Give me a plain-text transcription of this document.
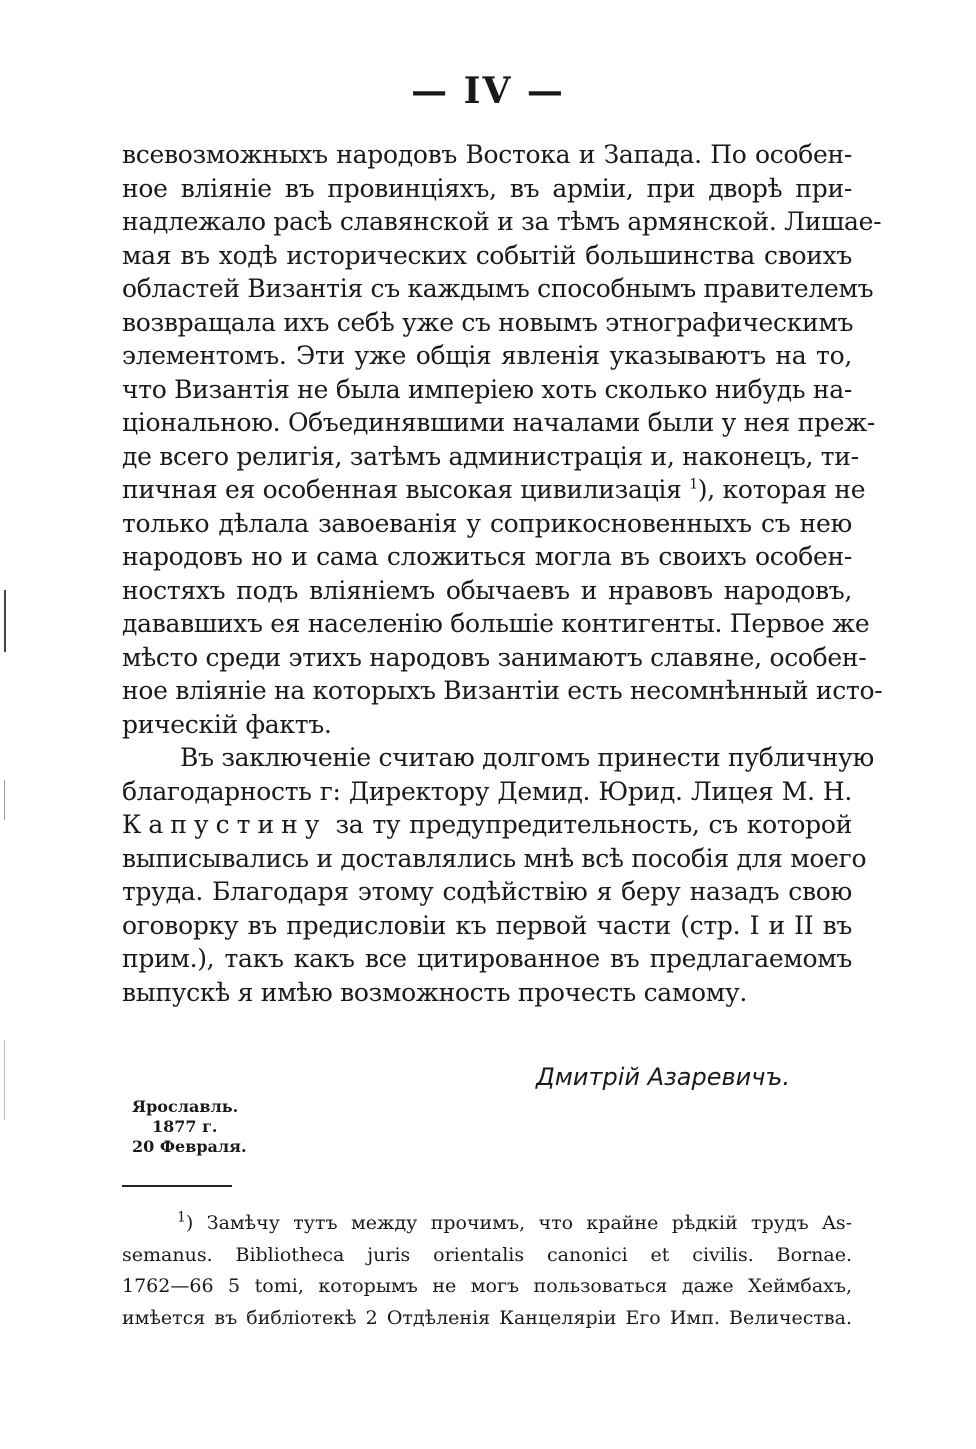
— IV —
всевозможныхъ народовъ Востока и Запада. По особен-
ное вліяніе въ провинціяхъ, въ арміи, при дворѣ при-
надлежало расѣ славянской и за тѣмъ армянской. Лишае-
мая въ ходѣ исторических событій большинства своихъ
областей Византія съ каждымъ способнымъ правителемъ
возвращала ихъ себѣ уже съ новымъ этнографическимъ
элементомъ. Эти уже общія явленія указываютъ на то,
что Византія не была имперіею хоть сколько нибудь на-
ціональною. Объединявшими началами были у нея преж-
де всего религія, затѣмъ администрація и, наконецъ, ти-
пичная ея особенная высокая цивилизація $^1$), которая не
только дѣлала завоеванія у соприкосновенныхъ съ нею
народовъ но и сама сложиться могла въ своихъ особен-
ностяхъ подъ вліяніемъ обычаевъ и нравовъ народовъ,
дававшихъ ея населенію большіе контигенты. Первое же
мѣсто среди этихъ народовъ занимаютъ славяне, особен-
ное вліяніе на которыхъ Византіи есть несомнѣнный исто-
рическій фактъ.
Въ заключеніе считаю долгомъ принести публичную
благодарность г: Директору Демид. Юрид. Лицея М. Н.
Капустину за ту предупредительность, съ которой
выписывались и доставлялись мнѣ всѣ пособія для моего
труда. Благодаря этому содѣйствію я беру назадъ свою
оговорку въ предисловіи къ первой части (стр. I и II въ
прим.), такъ какъ все цитированное въ предлагаемомъ
выпускѣ я имѣю возможность прочесть самому.
Дмитрій Азаревичъ.
Ярославль.
1877 г.
20 Февраля.
$^1$) Замѣчу тутъ между прочимъ, что крайне рѣдкій трудъ As-
semanus. Bibliotheca juris orientalis canonici et civilis. Bornae.
1762—66 5 tomi, которымъ не могъ пользоваться даже Хеймбахъ,
имѣется въ библіотекѣ 2 Отдѣленія Канцеляріи Его Имп. Величества.
